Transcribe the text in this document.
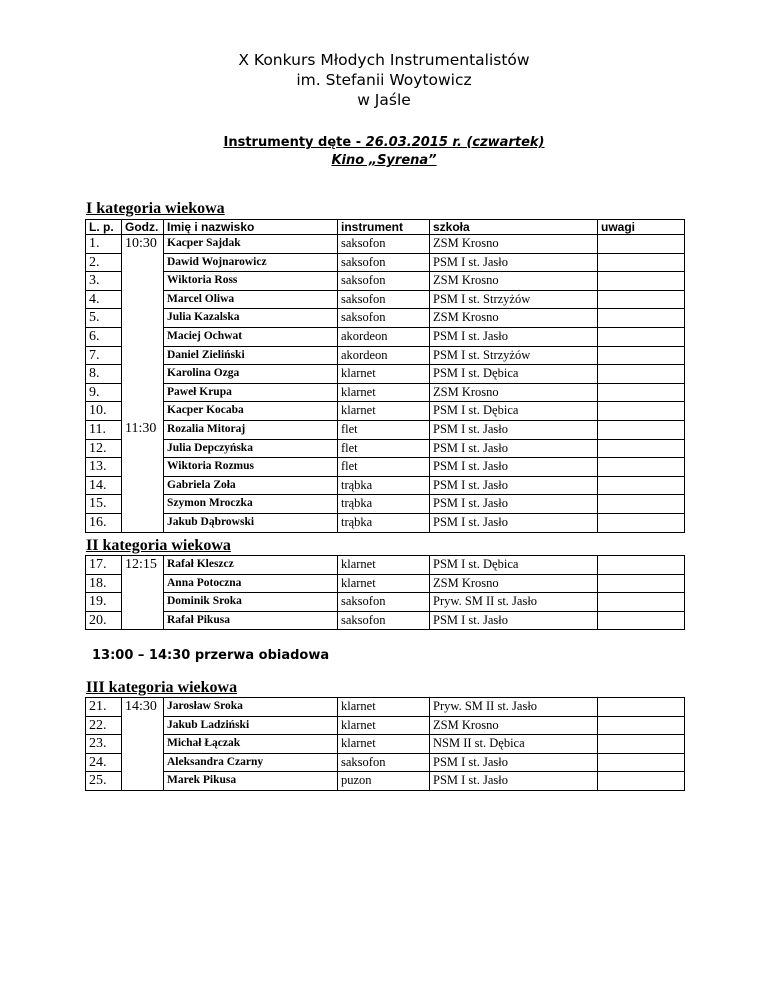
X Konkurs Młodych Instrumentalistów
im. Stefanii Woytowicz
w Jaśle
Instrumenty dęte - 26.03.2015 r. (czwartek)
Kino „Syrena”
I kategoria wiekowa
L. p.	Godz.	Imię i nazwisko	instrument	szkoła	uwagi
1.	10:30	Kacper Sajdak	saksofon	ZSM Krosno	
2.		Dawid Wojnarowicz	saksofon	PSM I st. Jasło	
3.		Wiktoria Ross	saksofon	ZSM Krosno	
4.		Marcel Oliwa	saksofon	PSM I st. Strzyżów	
5.		Julia Kazalska	saksofon	ZSM Krosno	
6.		Maciej Ochwat	akordeon	PSM I st. Jasło	
7.		Daniel Zieliński	akordeon	PSM I st. Strzyżów	
8.		Karolina Ozga	klarnet	PSM I st. Dębica	
9.		Paweł Krupa	klarnet	ZSM Krosno	
10.		Kacper Kocaba	klarnet	PSM I st. Dębica	
11.	11:30	Rozalia Mitoraj	flet	PSM I st. Jasło	
12.		Julia Depczyńska	flet	PSM I st. Jasło	
13.		Wiktoria Rozmus	flet	PSM I st. Jasło	
14.		Gabriela Zoła	trąbka	PSM I st. Jasło	
15.		Szymon Mroczka	trąbka	PSM I st. Jasło	
16.		Jakub Dąbrowski	trąbka	PSM I st. Jasło	
II kategoria wiekowa
17.	12:15	Rafał Kleszcz	klarnet	PSM I st. Dębica	
18.		Anna Potoczna	klarnet	ZSM Krosno	
19.		Dominik Sroka	saksofon	Pryw. SM II st. Jasło	
20.		Rafał Pikusa	saksofon	PSM I st. Jasło	
13:00 – 14:30 przerwa obiadowa
III kategoria wiekowa
21.	14:30	Jarosław Sroka	klarnet	Pryw. SM II st. Jasło	
22.		Jakub Ladziński	klarnet	ZSM Krosno	
23.		Michał Łączak	klarnet	NSM II st. Dębica	
24.		Aleksandra Czarny	saksofon	PSM I st. Jasło	
25.		Marek Pikusa	puzon	PSM I st. Jasło	
